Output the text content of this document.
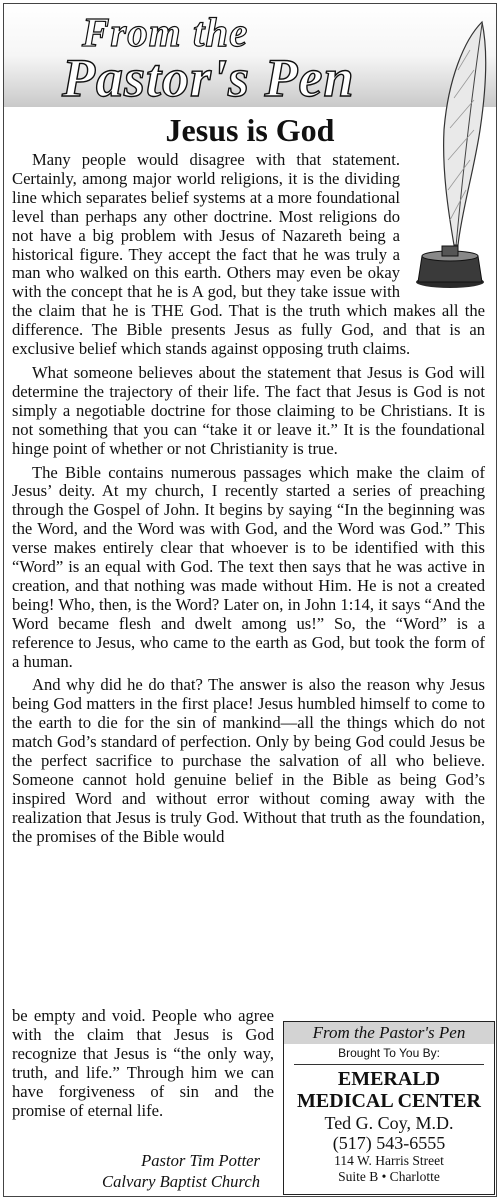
From the
Pastor's Pen
Jesus is God

Many people would disagree with that statement. Certainly, among major world religions, it is the dividing line which separates belief systems at a more foundational level than perhaps any other doctrine. Most religions do not have a big problem with Jesus of Nazareth being a historical figure. They accept the fact that he was truly a man who walked on this earth. Others may even be okay with the concept that he is A god, but they take issue with the claim that he is THE God. That is the truth which makes all the difference. The Bible presents Jesus as fully God, and that is an exclusive belief which stands against opposing truth claims.

What someone believes about the statement that Jesus is God will determine the trajectory of their life. The fact that Jesus is God is not simply a negotiable doctrine for those claiming to be Christians. It is not something that you can “take it or leave it.” It is the foundational hinge point of whether or not Christianity is true.

The Bible contains numerous passages which make the claim of Jesus’ deity. At my church, I recently started a series of preaching through the Gospel of John. It begins by saying “In the beginning was the Word, and the Word was with God, and the Word was God.” This verse makes entirely clear that whoever is to be identified with this “Word” is an equal with God. The text then says that he was active in creation, and that nothing was made without Him. He is not a created being! Who, then, is the Word? Later on, in John 1:14, it says “And the Word became flesh and dwelt among us!” So, the “Word” is a reference to Jesus, who came to the earth as God, but took the form of a human.

And why did he do that? The answer is also the reason why Jesus being God matters in the first place! Jesus humbled himself to come to the earth to die for the sin of mankind—all the things which do not match God’s standard of perfection. Only by being God could Jesus be the perfect sacrifice to purchase the salvation of all who believe. Someone cannot hold genuine belief in the Bible as being God’s inspired Word and without error without coming away with the realization that Jesus is truly God. Without that truth as the foundation, the promises of the Bible would

be empty and void. People who agree with the claim that Jesus is God recognize that Jesus is “the only way, truth, and life.” Through him we can have forgiveness of sin and the promise of eternal life.
Pastor Tim Potter
Calvary Baptist Church
From the Pastor's Pen
Brought To You By:
EMERALD
MEDICAL CENTER
Ted G. Coy, M.D.
(517) 543-6555
114 W. Harris Street
Suite B • Charlotte
